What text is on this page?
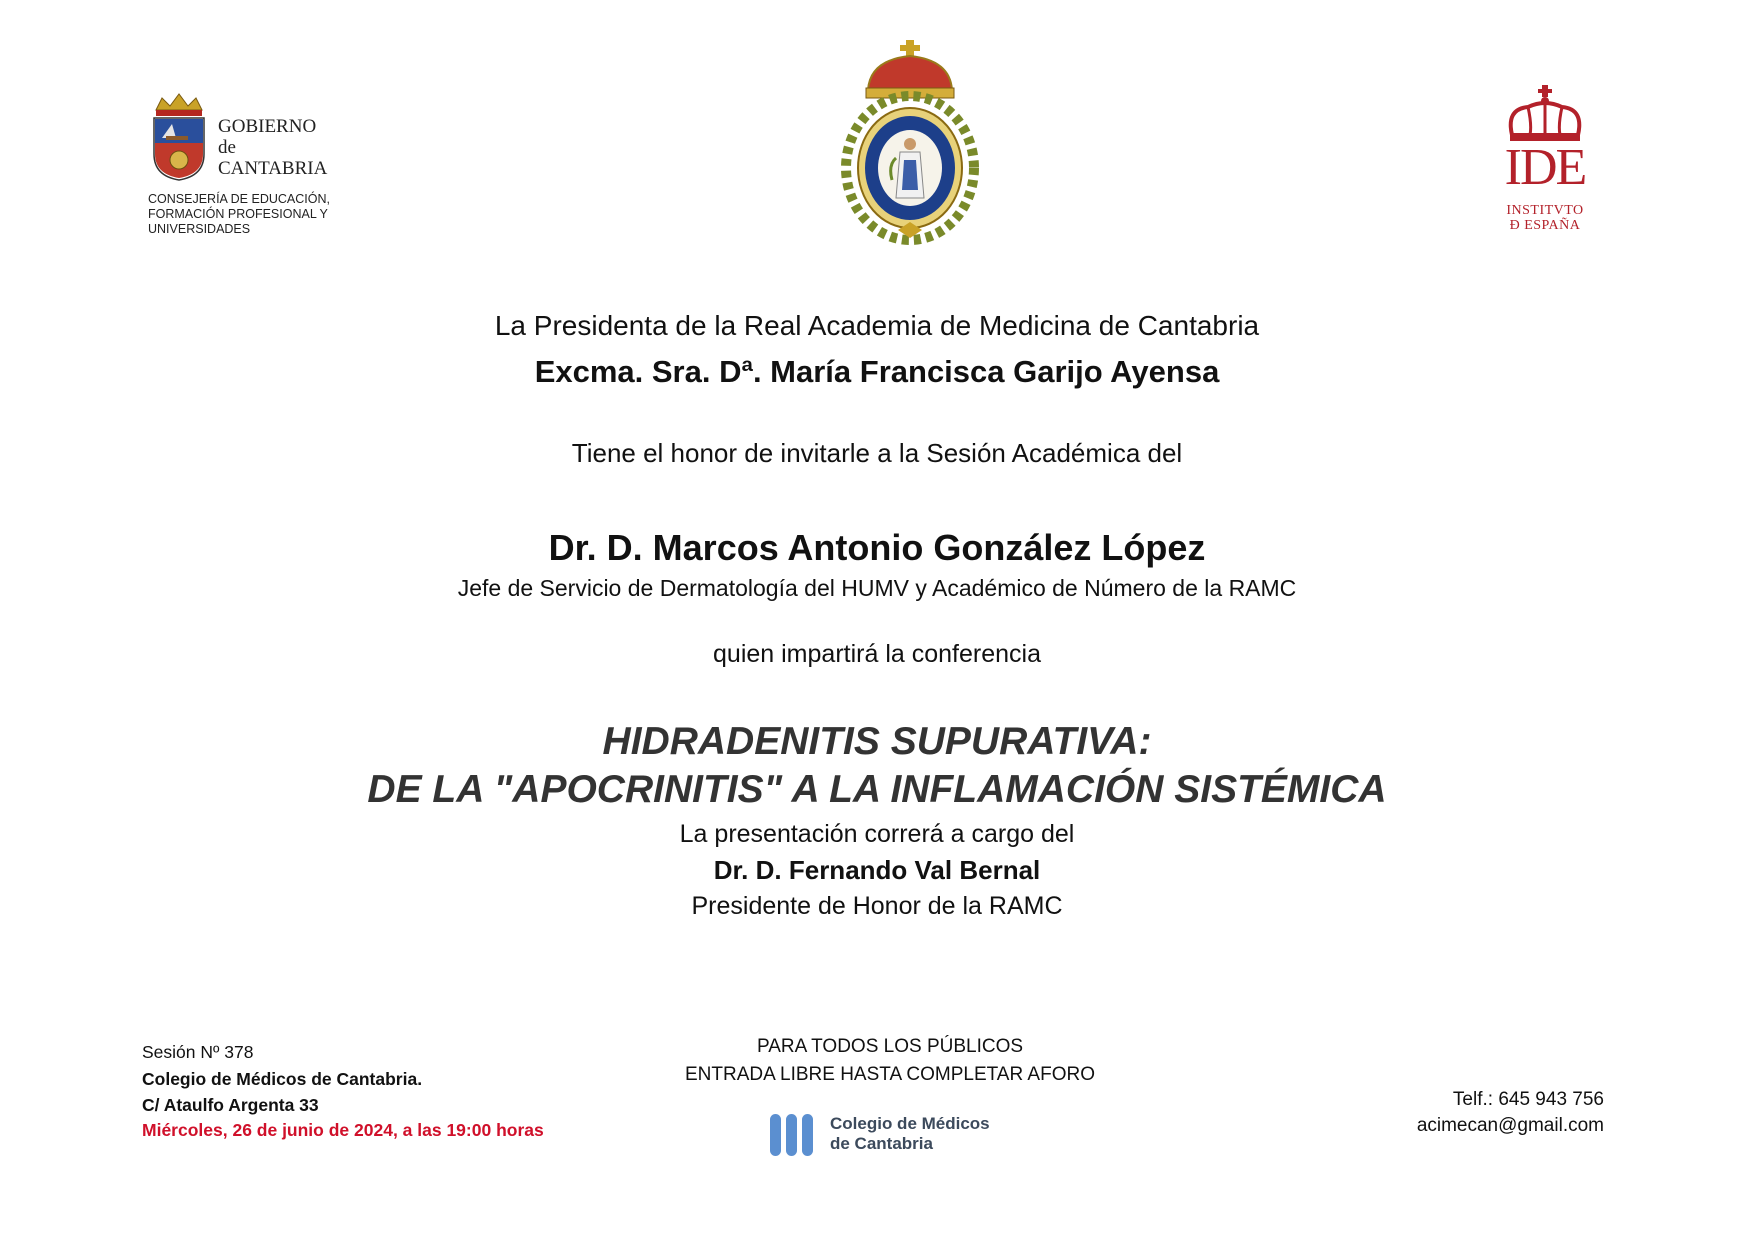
GOBIERNO
de
CANTABRIA
CONSEJERÍA DE EDUCACIÓN,
FORMACIÓN PROFESIONAL Y
UNIVERSIDADES
IDE
INSTITVTO
Đ ESPAÑA
La Presidenta de la Real Academia de Medicina de Cantabria
Excma. Sra. Dª. María Francisca Garijo Ayensa
Tiene el honor de invitarle a la Sesión Académica del
Dr. D. Marcos Antonio González López
Jefe de Servicio de Dermatología del HUMV y Académico de Número de la RAMC
quien impartirá la conferencia
HIDRADENITIS SUPURATIVA:
DE LA "APOCRINITIS" A LA INFLAMACIÓN SISTÉMICA
La presentación correrá a cargo del
Dr. D. Fernando Val Bernal
Presidente de Honor de la RAMC
Sesión Nº 378
Colegio de Médicos de Cantabria.
C/ Ataulfo Argenta 33
Miércoles, 26 de junio de 2024, a las 19:00 horas
PARA TODOS LOS PÚBLICOS
ENTRADA LIBRE HASTA COMPLETAR AFORO
Colegio de Médicos
de Cantabria
Telf.: 645 943 756
acimecan@gmail.com
